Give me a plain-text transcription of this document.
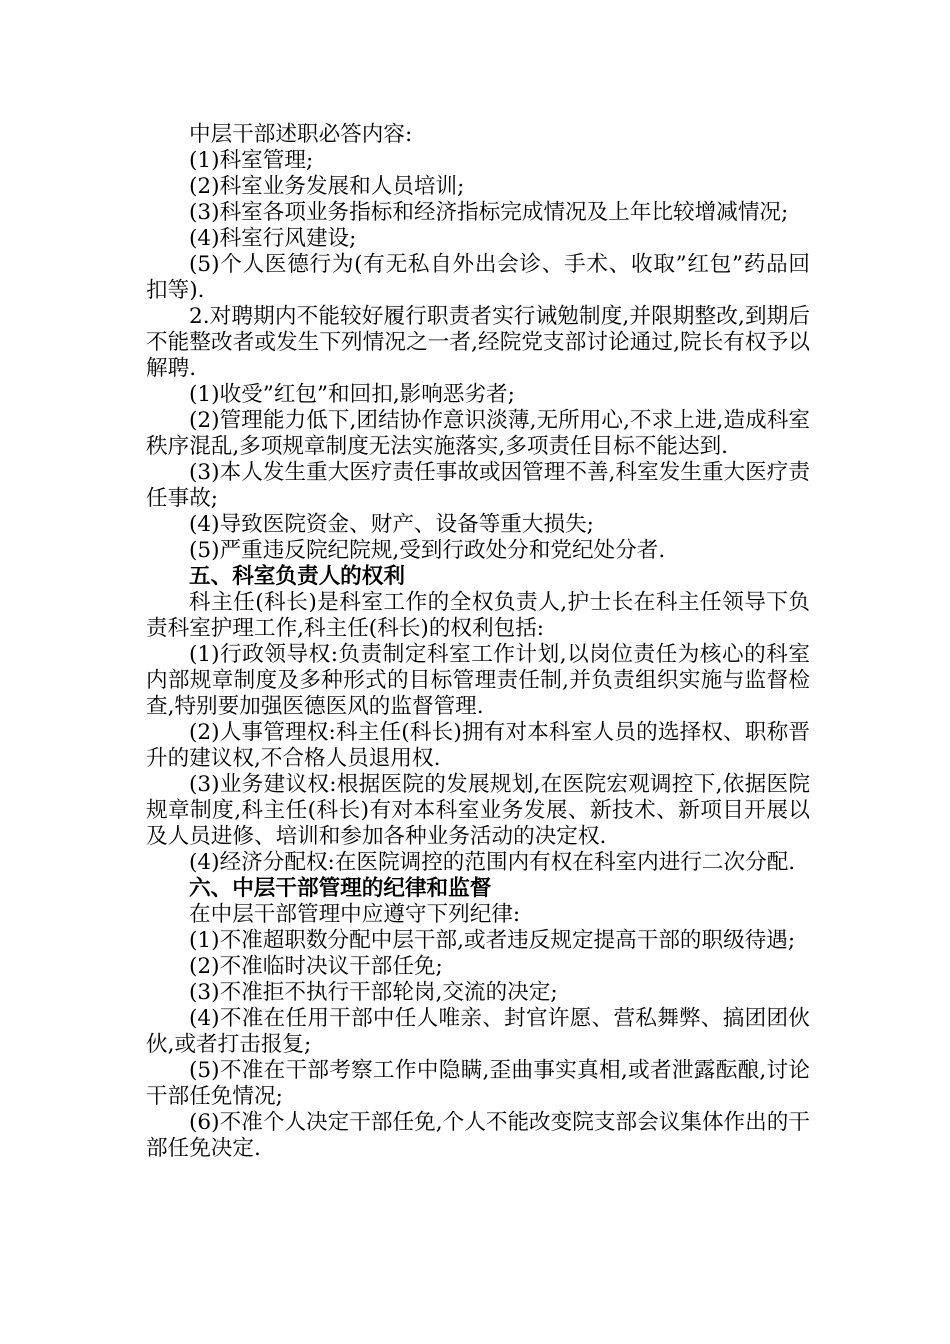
中层干部述职必答内容:

(1)科室管理;

(2)科室业务发展和人员培训;

(3)科室各项业务指标和经济指标完成情况及上年比较增减情况;

(4)科室行风建设;

(5)个人医德行为(有无私自外出会诊、手术、收取”红包”药品回扣等).

2.对聘期内不能较好履行职责者实行诫勉制度,并限期整改,到期后不能整改者或发生下列情况之一者,经院党支部讨论通过,院长有权予以解聘.

(1)收受”红包”和回扣,影响恶劣者;

(2)管理能力低下,团结协作意识淡薄,无所用心,不求上进,造成科室秩序混乱,多项规章制度无法实施落实,多项责任目标不能达到.

(3)本人发生重大医疗责任事故或因管理不善,科室发生重大医疗责任事故;

(4)导致医院资金、财产、设备等重大损失;

(5)严重违反院纪院规,受到行政处分和党纪处分者.

五、科室负责人的权利

科主任(科长)是科室工作的全权负责人,护士长在科主任领导下负责科室护理工作,科主任(科长)的权利包括:

(1)行政领导权:负责制定科室工作计划,以岗位责任为核心的科室内部规章制度及多种形式的目标管理责任制,并负责组织实施与监督检查,特别要加强医德医风的监督管理.

(2)人事管理权:科主任(科长)拥有对本科室人员的选择权、职称晋升的建议权,不合格人员退用权.

(3)业务建议权:根据医院的发展规划,在医院宏观调控下,依据医院规章制度,科主任(科长)有对本科室业务发展、新技术、新项目开展以及人员进修、培训和参加各种业务活动的决定权.

(4)经济分配权:在医院调控的范围内有权在科室内进行二次分配.

六、中层干部管理的纪律和监督

在中层干部管理中应遵守下列纪律:

(1)不准超职数分配中层干部,或者违反规定提高干部的职级待遇;

(2)不准临时决议干部任免;

(3)不准拒不执行干部轮岗,交流的决定;

(4)不准在任用干部中任人唯亲、封官许愿、营私舞弊、搞团团伙伙,或者打击报复;

(5)不准在干部考察工作中隐瞒,歪曲事实真相,或者泄露酝酿,讨论干部任免情况;

(6)不准个人决定干部任免,个人不能改变院支部会议集体作出的干部任免决定.
